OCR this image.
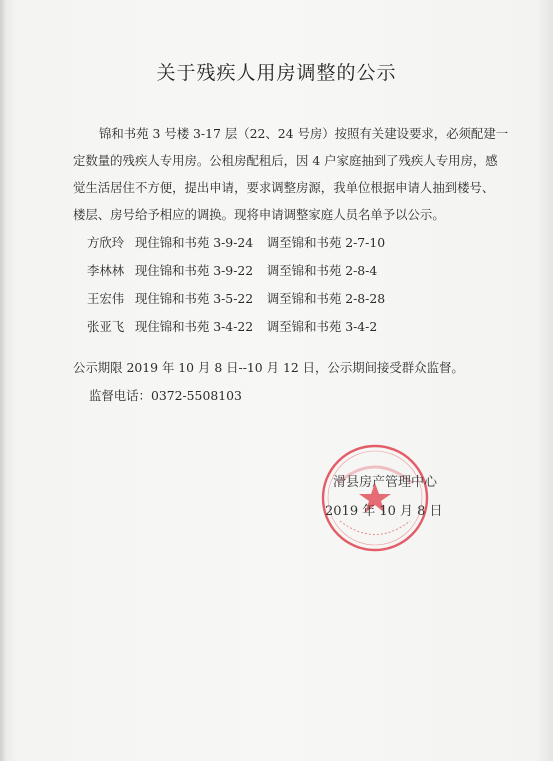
关于残疾人用房调整的公示
锦和书苑 3 号楼 3-17 层（22、24 号房）按照有关建设要求，必须配建一
定数量的残疾人专用房。公租房配租后，因 4 户家庭抽到了残疾人专用房，感
觉生活居住不方便，提出申请，要求调整房源，我单位根据申请人抽到楼号、
楼层、房号给予相应的调换。现将申请调整家庭人员名单予以公示。
方欣玲 现住锦和书苑 3-9-24 调至锦和书苑 2-7-10
李林林 现住锦和书苑 3-9-22 调至锦和书苑 2-8-4
王宏伟 现住锦和书苑 3-5-22 调至锦和书苑 2-8-28
张亚飞 现住锦和书苑 3-4-22 调至锦和书苑 3-4-2
公示期限 2019 年 10 月 8 日--10 月 12 日，公示期间接受群众监督。
监督电话：0372-5508103
滑县房产管理中心
2019 年 10 月 8 日
